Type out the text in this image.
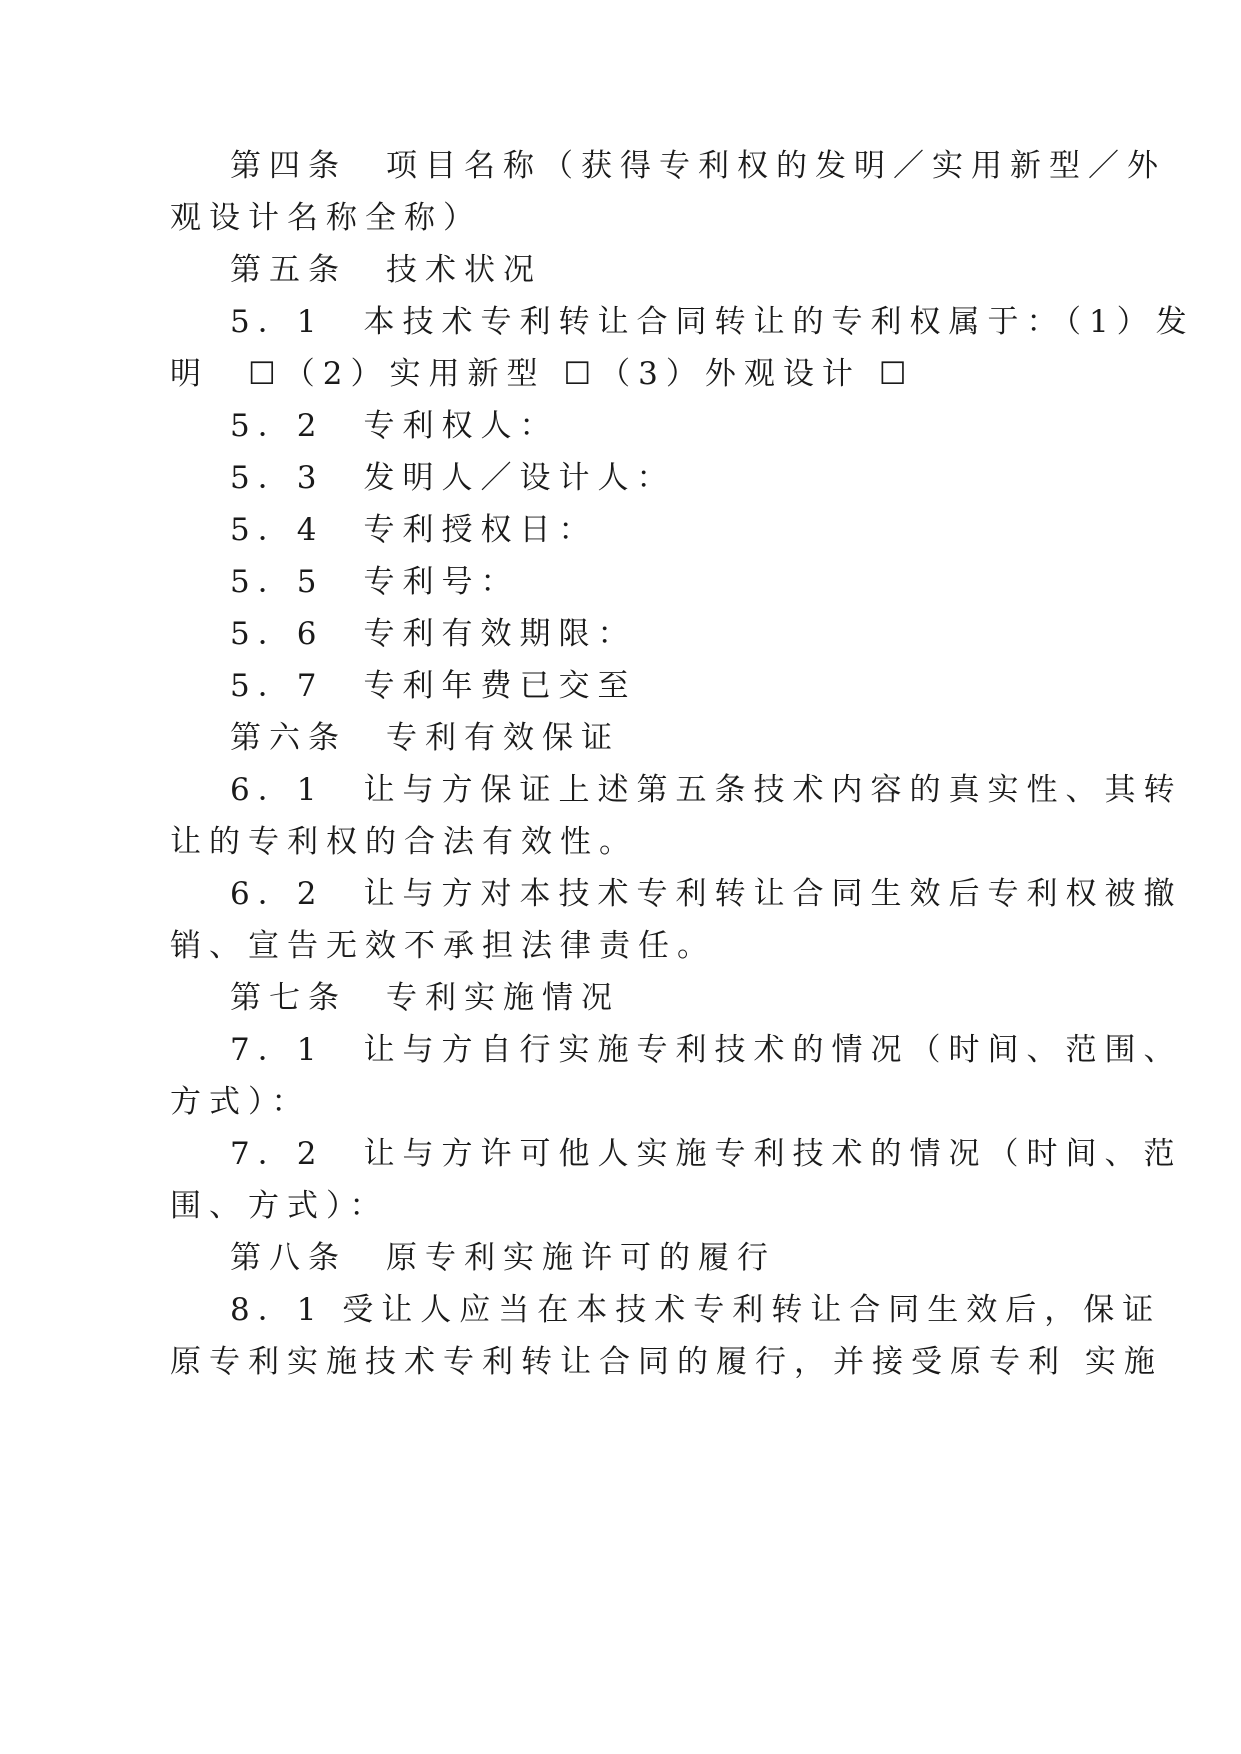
第四条　项目名称（获得专利权的发明／实用新型／外
观设计名称全称）
第五条　技术状况
5．1　本技术专利转让合同转让的专利权属于：（1）发
明　☐（2）实用新型 ☐（3）外观设计 ☐
5．2　专利权人：
5．3　发明人／设计人：
5．4　专利授权日：
5．5　专利号：
5．6　专利有效期限：
5．7　专利年费已交至
第六条　专利有效保证
6．1　让与方保证上述第五条技术内容的真实性、其转
让的专利权的合法有效性。
6．2　让与方对本技术专利转让合同生效后专利权被撤
销、宣告无效不承担法律责任。
第七条　专利实施情况
7．1　让与方自行实施专利技术的情况（时间、范围、
方式）：
7．2　让与方许可他人实施专利技术的情况（时间、范
围、方式）：
第八条　原专利实施许可的履行
8．1 受让人应当在本技术专利转让合同生效后，保证
原专利实施技术专利转让合同的履行，并接受原专利 实施
